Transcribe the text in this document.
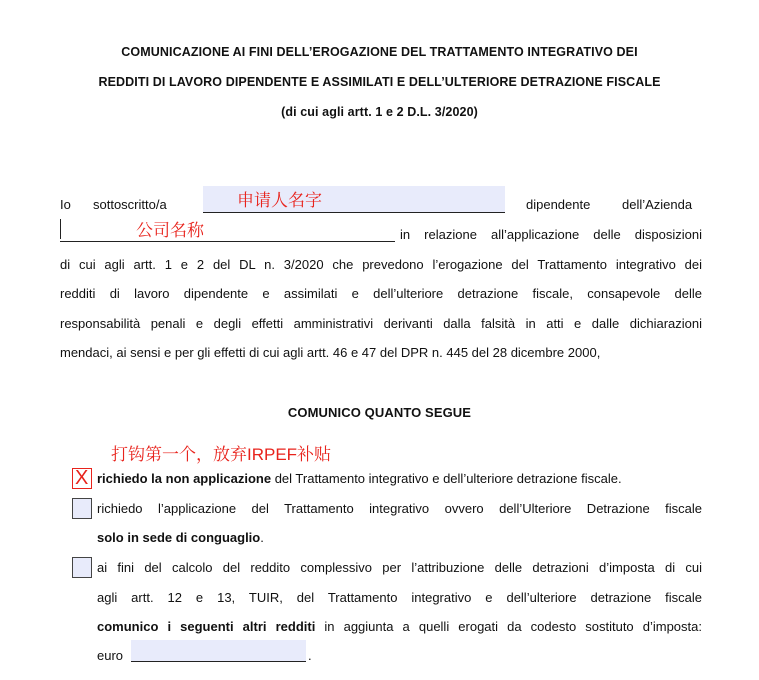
COMUNICAZIONE AI FINI DELL’EROGAZIONE DEL TRATTAMENTO INTEGRATIVO DEI
REDDITI DI LAVORO DIPENDENTE E ASSIMILATI E DELL’ULTERIORE DETRAZIONE FISCALE
(di cui agli artt. 1 e 2 D.L. 3/2020)
Io sottoscritto/a	申请人名字	dipendente dell’Azienda
公司名称	in relazione all’applicazione delle disposizioni
di cui agli artt. 1 e 2 del DL n. 3/2020 che prevedono l’erogazione del Trattamento integrativo dei
redditi di lavoro dipendente e assimilati e dell’ulteriore detrazione fiscale, consapevole delle
responsabilità penali e degli effetti amministrativi derivanti dalla falsità in atti e dalle dichiarazioni
mendaci, ai sensi e per gli effetti di cui agli artt. 46 e 47 del DPR n. 445 del 28 dicembre 2000,
COMUNICO QUANTO SEGUE
打钩第一个，放弃IRPEF补贴
X richiedo la non applicazione del Trattamento integrativo e dell’ulteriore detrazione fiscale.
richiedo l’applicazione del Trattamento integrativo ovvero dell’Ulteriore Detrazione fiscale
solo in sede di conguaglio.
ai fini del calcolo del reddito complessivo per l’attribuzione delle detrazioni d’imposta di cui
agli artt. 12 e 13, TUIR, del Trattamento integrativo e dell’ulteriore detrazione fiscale
comunico i seguenti altri redditi in aggiunta a quelli erogati da codesto sostituto d’imposta:
euro	.
